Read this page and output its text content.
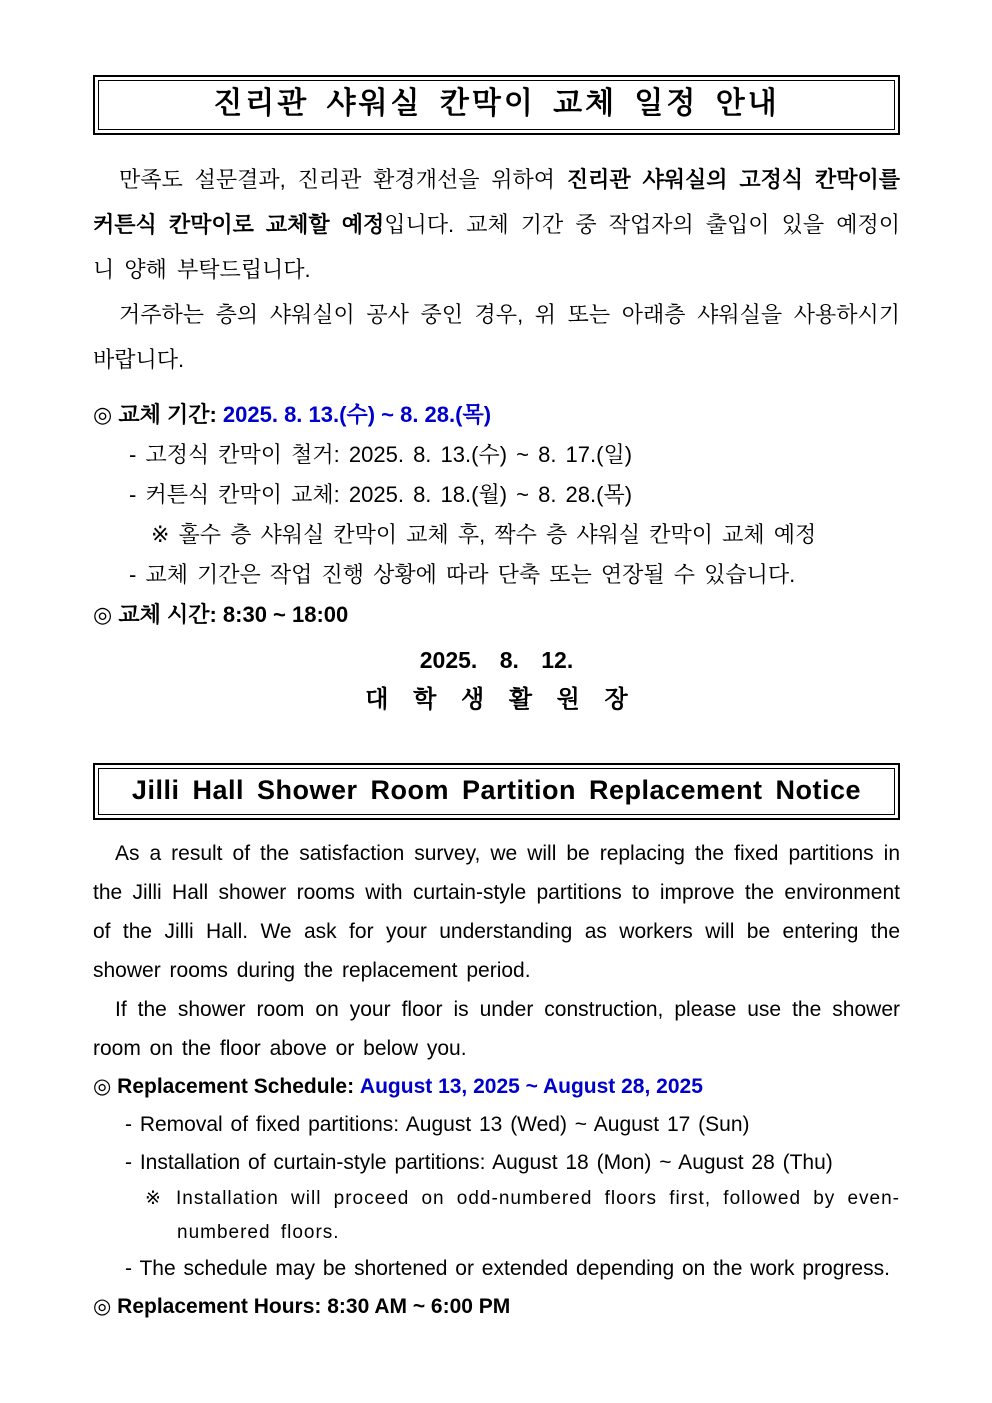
진리관 샤워실 칸막이 교체 일정 안내

만족도 설문결과, 진리관 환경개선을 위하여 진리관 샤워실의 고정식 칸막이를 커튼식 칸막이로 교체할 예정입니다. 교체 기간 중 작업자의 출입이 있을 예정이니 양해 부탁드립니다.

거주하는 층의 샤워실이 공사 중인 경우, 위 또는 아래층 샤워실을 사용하시기 바랍니다.

◎ 교체 기간: 2025. 8. 13.(수) ~ 8. 28.(목)
- 고정식 칸막이 철거: 2025. 8. 13.(수) ~ 8. 17.(일)
- 커튼식 칸막이 교체: 2025. 8. 18.(월) ~ 8. 28.(목)
※ 홀수 층 샤워실 칸막이 교체 후, 짝수 층 샤워실 칸막이 교체 예정
- 교체 기간은 작업 진행 상황에 따라 단축 또는 연장될 수 있습니다.
◎ 교체 시간: 8:30 ~ 18:00
2025. 8. 12.
대 학 생 활 원 장
Jilli Hall Shower Room Partition Replacement Notice

As a result of the satisfaction survey, we will be replacing the fixed partitions in the Jilli Hall shower rooms with curtain-style partitions to improve the environment of the Jilli Hall. We ask for your understanding as workers will be entering the shower rooms during the replacement period.

If the shower room on your floor is under construction, please use the shower room on the floor above or below you.

◎ Replacement Schedule: August 13, 2025 ~ August 28, 2025
- Removal of fixed partitions: August 13 (Wed) ~ August 17 (Sun)
- Installation of curtain-style partitions: August 18 (Mon) ~ August 28 (Thu)
※ Installation will proceed on odd-numbered floors first, followed by even-numbered floors.
- The schedule may be shortened or extended depending on the work progress.
◎ Replacement Hours: 8:30 AM ~ 6:00 PM
